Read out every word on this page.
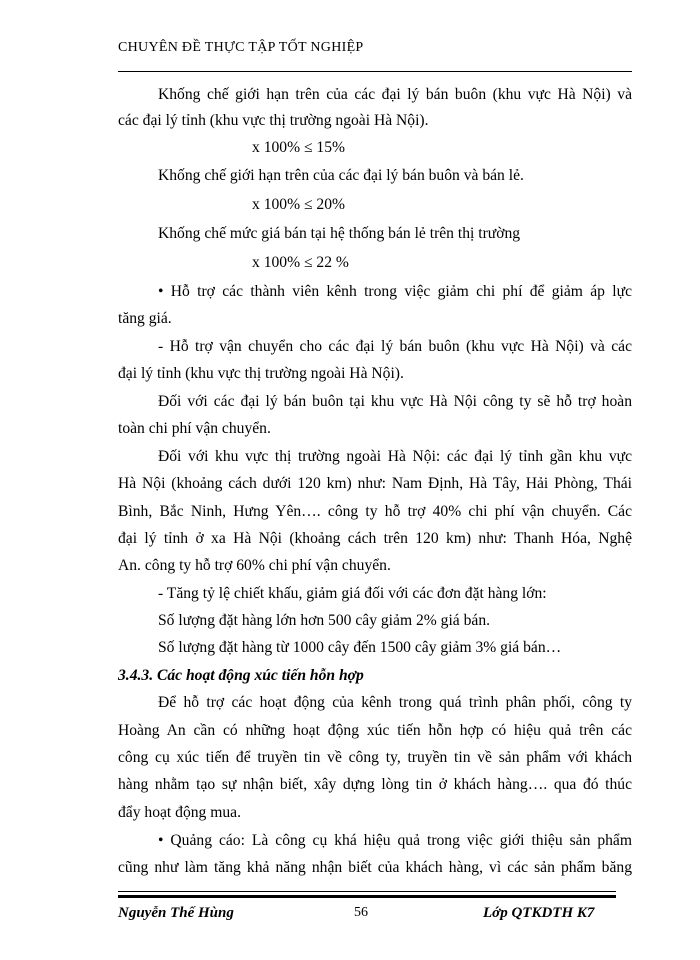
CHUYÊN ĐỀ THỰC TẬP TỐT NGHIỆP
Khống chế giới hạn trên của các đại lý bán buôn (khu vực Hà Nội) và
các đại lý tỉnh (khu vực thị trường ngoài Hà Nội).
x 100% ≤ 15%
Khống chế giới hạn trên của các đại lý bán buôn và bán lẻ.
x 100% ≤ 20%
Khống chế mức giá bán tại hệ thống bán lẻ trên thị trường
x 100% ≤ 22 %
• Hỗ trợ các thành viên kênh trong việc giảm chi phí để giảm áp lực
tăng giá.
- Hỗ trợ vận chuyển cho các đại lý bán buôn (khu vực Hà Nội) và các
đại lý tỉnh (khu vực thị trường ngoài Hà Nội).
Đối với các đại lý bán buôn tại khu vực Hà Nội công ty sẽ hỗ trợ hoàn
toàn chi phí vận chuyển.
Đối với khu vực thị trường ngoài Hà Nội: các đại lý tỉnh gần khu vực
Hà Nội (khoảng cách dưới 120 km) như: Nam Định, Hà Tây, Hải Phòng, Thái
Bình, Bắc Ninh, Hưng Yên…. công ty hỗ trợ 40% chi phí vận chuyển. Các
đại lý tỉnh ở xa Hà Nội (khoảng cách trên 120 km) như: Thanh Hóa, Nghệ
An. công ty hỗ trợ 60% chi phí vận chuyển.
- Tăng tỷ lệ chiết khấu, giảm giá đối với các đơn đặt hàng lớn:
Số lượng đặt hàng lớn hơn 500 cây giảm 2% giá bán.
Số lượng đặt hàng từ 1000 cây đến 1500 cây giảm 3% giá bán…
3.4.3. Các hoạt động xúc tiến hỗn hợp
Để hỗ trợ các hoạt động của kênh trong quá trình phân phối, công ty
Hoàng An cần có những hoạt động xúc tiến hỗn hợp có hiệu quả trên các
công cụ xúc tiến để truyền tin về công ty, truyền tin về sản phẩm với khách
hàng nhằm tạo sự nhận biết, xây dựng lòng tin ở khách hàng…. qua đó thúc
đẩy hoạt động mua.
• Quảng cáo: Là công cụ khá hiệu quả trong việc giới thiệu sản phẩm
cũng như làm tăng khả năng nhận biết của khách hàng, vì các sản phẩm băng
Nguyễn Thế Hùng	56	Lớp QTKDTH K7
